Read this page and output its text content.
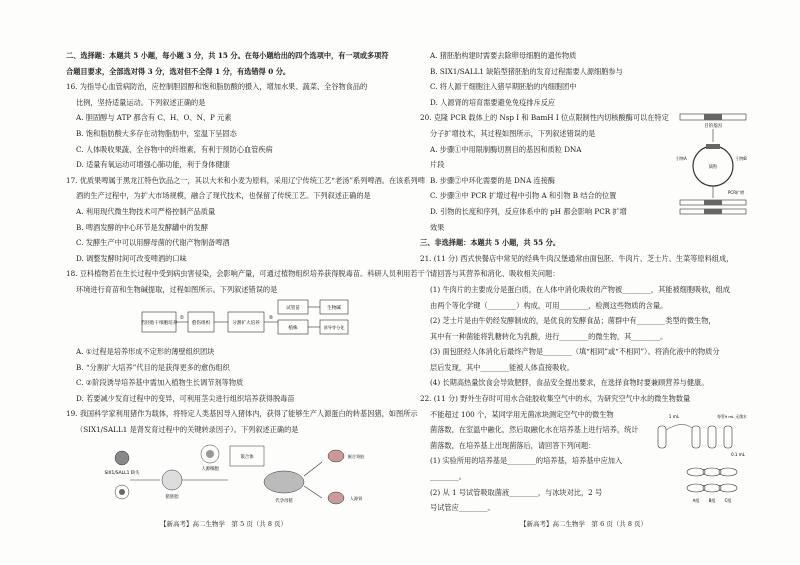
二、选择题：本题共 5 小题，每小题 3 分，共 15 分。在每小题给出的四个选项中，有一项或多项符

合题目要求，全部选对得 3 分，选对但不全得 1 分，有选错得 0 分。

16. 为指导心血管病防治，应控制胆固醇和饱和脂肪酸的摄入，增加水果、蔬菜、全谷物食品的

比例，坚持适量运动。下列叙述正确的是

A. 胆固醇与 ATP 都含有 C、H、O、N、P 元素

B. 饱和脂肪酸大多存在动物脂肪中，室温下呈固态

C. 人体吸收果蔬、全谷物中的纤维素，有利于预防心血管疾病

D. 适量有氧运动可增强心肺功能，利于身体健康

17. 优质果啤属于黑龙江特色饮品之一，其以大米和小麦为原料，采用辽宁传统工艺“老汤”系列啤酒。在该系列啤

酒的生产过程中，为扩大市场规模，融合了现代技术，也保留了传统工艺。下列叙述正确的是

A. 利用现代微生物技术可严格控制产品质量

B. 啤酒发酵的中心环节是发酵罐中的发酵

C. 发酵生产中可以用酵母菌的代谢产物制备啤酒

D. 调整发酵时间可改变啤酒的口味

18. 豆科植物若在生长过程中受到病虫害侵染，会影响产量，可通过植物组织培养获得脱毒苗。科研人员利用若干个

环境进行育苗和生物碱提取，过程如图所示。下列叙述错误的是

若胚胎干细胞培养
①
愈伤组织	分割扩大培养
②
试管苗
植株
生物碱
诱导芽分化

A. ①过程是培养形成不定形的薄壁组织团块

B. “分割扩大培养”代目的是获得更多的愈伤组织

C. ②阶段诱导培养基中需加入植物生长调节剂等物质

D. 若要减少发育过程中的变异，可利用茎尖进行组织培养获得脱毒苗

19. 我国科学家利用猪作为载体，将特定人类基因导入猪体内，获得了能够生产人源蛋白的转基因猪，如图所示

（SIX1/SALL1 是肾发育过程中的关键转录因子）。下列叙述正确的是

SIX1/SALL1 缺失
猪胚胎
人源细胞
嵌合体
代孕母猪
嵌合肾脏
人源肾

A. 猪胚胎构建时需要去除卵母细胞的遗传物质

B. SIX1/SALL1 缺陷型猪胚胎的发育过程需要人源细胞参与

C. 将人源干细胞注入猪早期胚胎的内细胞团中

D. 人源肾的培育需要避免免疫排斥反应

20. 克隆 PCR 载体上的 Nsp I 和 BamH I 位点限制性内切核酸酶可以在特定

分子扩增技术，其过程如图所示，下列叙述错误的是

A. 步骤①中用限制酶切割目的基因和质粒 DNA

片段

B. 步骤②中环化需要的是 DNA 连接酶

C. 步骤③中 PCR 扩增过程中引物 A 和引物 B 结合的位置

D. 引物的长度和序列，反应体系中的 pH 都会影响 PCR 扩增

效果

三、非选择题：本题共 5 小题，共 55 分。

21. (11 分) 西式快餐店中常见的经典牛肉汉堡通常由面包胚、牛肉片、芝士片、生菜等原料组成，

请回答与其营养和消化、吸收相关问题：

(1) 牛肉片的主要成分是蛋白质，在人体中消化吸收的产物被________，其能被细胞吸收，组成

由两个等化学键（________）构成，可用________，检测这些物质的含量。

(2) 芝士片是由牛奶经发酵制成的，是优良的发酵食品；菌群中有________类型的微生物，

其中有一种菌能将乳糖转化为乳酸，进行________的微生物，其________。

(3) 面包胚经人体消化后最终产物是________（填“相同”或“不相同”）。将消化液中的物质分

层后发现，其中________能被人体直接吸收。

(4) 长期高热量饮食会导致肥胖，食品安全提出要求，在选择食物时要兼顾营养与健康。

22. (11 分) 野外生存时可用水合硅胶收集空气中的水，为研究空气中水的微生物数量

不能超过 100 个，某同学用无菌冰块测定空气中的微生物

菌落数，在室温中融化，然后取融化水在培养基上进行培养，统计

菌落数，在培养基上出现菌落后，请回答下列问题：

(1) 实验所用的培养基是________的培养基，培养基中应加入

________。

(2) 从 1 号试管吸取菌液________，与冰块对比，2 号

号试管应________。

目的基因
质粒
引物A	引物B
PCR扩增
1 mL	每管9 mL 无菌水
0.1 mL
A组 B组 C组
【新高考】高二生物学　第 5 页（共 8 页）	【新高考】高二生物学　第 6 页（共 8 页）
